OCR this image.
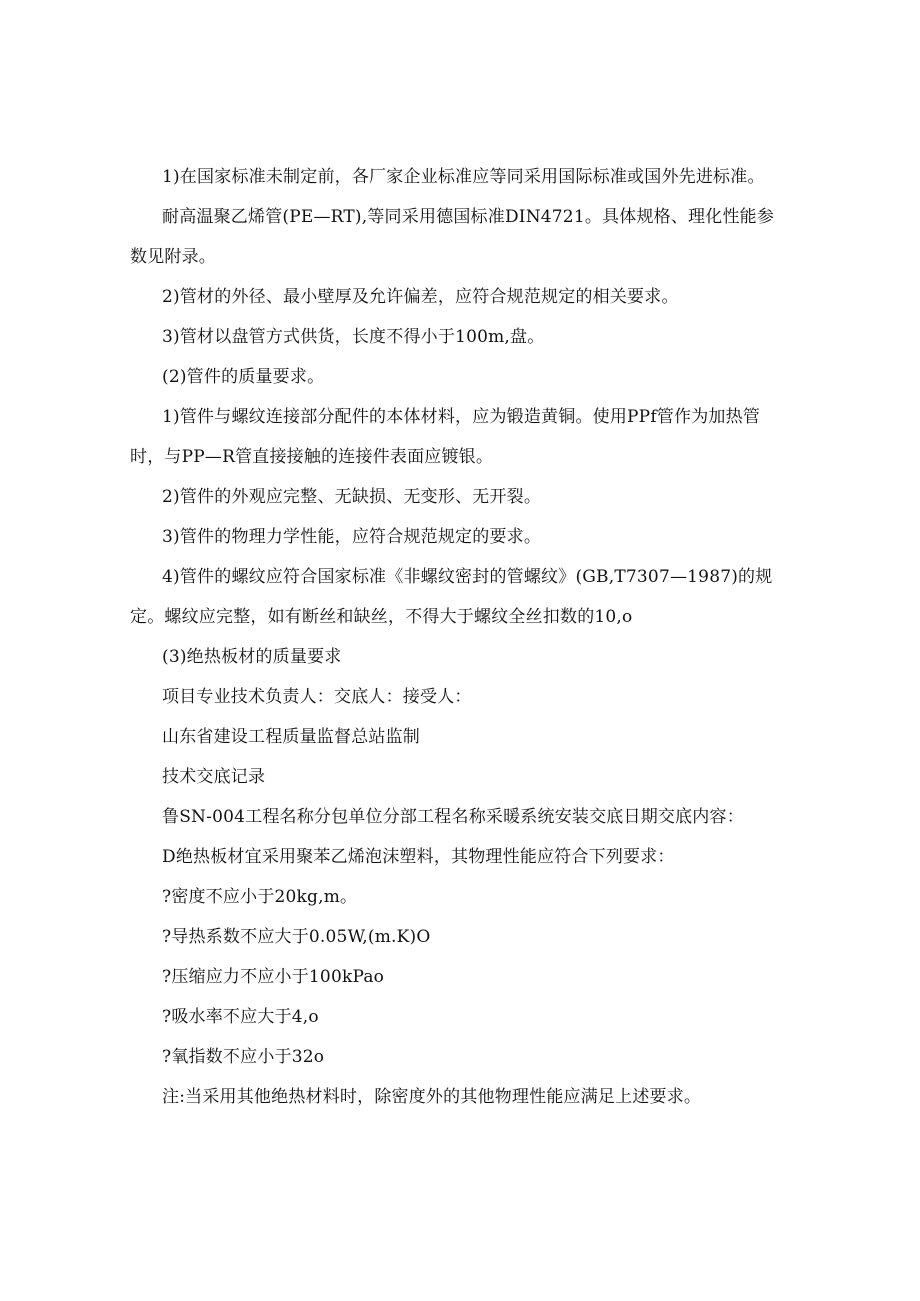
1)在国家标准未制定前，各厂家企业标准应等同采用国际标准或国外先进标准。

耐高温聚乙烯管(PE—RT),等同采用德国标准DIN4721。具体规格、理化性能参数见附录。

2)管材的外径、最小壁厚及允许偏差，应符合规范规定的相关要求。

3)管材以盘管方式供货，长度不得小于100m,盘。

(2)管件的质量要求。

1)管件与螺纹连接部分配件的本体材料，应为锻造黄铜。使用PPf管作为加热管时，与PP—R管直接接触的连接件表面应镀银。

2)管件的外观应完整、无缺损、无变形、无开裂。

3)管件的物理力学性能，应符合规范规定的要求。

4)管件的螺纹应符合国家标准《非螺纹密封的管螺纹》(GB,T7307—1987)的规定。螺纹应完整，如有断丝和缺丝，不得大于螺纹全丝扣数的10,o

(3)绝热板材的质量要求

项目专业技术负责人：交底人：接受人：

山东省建设工程质量监督总站监制

技术交底记录

鲁SN-004工程名称分包单位分部工程名称采暖系统安装交底日期交底内容：

D绝热板材宜采用聚苯乙烯泡沫塑料，其物理性能应符合下列要求：

?密度不应小于20kg,m。

?导热系数不应大于0.05W,(m.K)O

?压缩应力不应小于100kPao

?吸水率不应大于4,o

?氧指数不应小于32o

注:当采用其他绝热材料时，除密度外的其他物理性能应满足上述要求。
